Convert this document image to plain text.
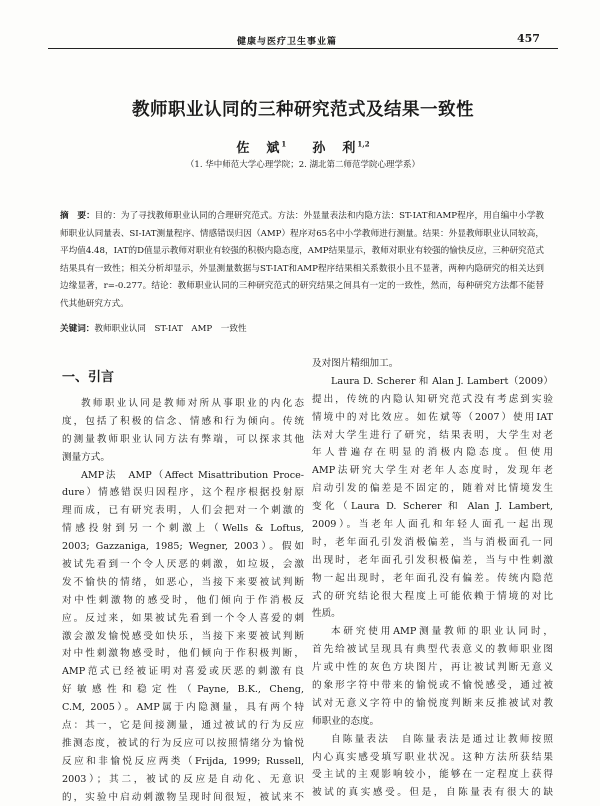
健康与医疗卫生事业篇	457
教师职业认同的三种研究范式及结果一致性
佐　斌$^1$ 孙　利$^{1,2}$
（1. 华中师范大学心理学院；2. 湖北第二师范学院心理学系）
摘　要：目的：为了寻找教师职业认同的合理研究范式。方法：外显量表法和内隐方法：ST-IAT和AMP程序，用自编中小学教师职业认同量表、SI-IAT测量程序、情感错误归因（AMP）程序对65名中小学教师进行测量。结果：外显教师职业认同较高，平均值4.48，IAT的D值显示教师对职业有较强的积极内隐态度，AMP结果显示，教师对职业有较强的愉快反应，三种研究范式结果具有一致性；相关分析却显示，外显测量数据与ST-IAT和AMP程序结果相关系数很小且不显著，两种内隐研究的相关达到边缘显著，r=-0.277。结论：教师职业认同的三种研究范式的研究结果之间具有一定的一致性，然而，每种研究方法都不能替代其他研究方式。
关键词：教师职业认同　ST-IAT　AMP　一致性
一、引言
教师职业认同是教师对所从事职业的内化态
度，包括了积极的信念、情感和行为倾向。传统
的测量教师职业认同方法有弊端，可以探求其他
测量方式。
AMP法　AMP（Affect Misattribution Proce-
dure）情感错误归因程序，这个程序根据投射原
理而成，已有研究表明，人们会把对一个刺激的
情感投射到另一个刺激上（Wells & Loftus,
2003; Gazzaniga, 1985; Wegner, 2003）。假如
被试先看到一个令人厌恶的刺激，如垃圾，会激
发不愉快的情绪，如恶心，当接下来要被试判断
对中性刺激物的感受时，他们倾向于作消极反
应。反过来，如果被试先看到一个令人喜爱的刺
激会激发愉悦感受如快乐，当接下来要被试判断
对中性刺激物感受时，他们倾向于作积极判断，
AMP范式已经被证明对喜爱或厌恶的刺激有良
好敏感性和稳定性（Payne, B.K., Cheng,
C.M, 2005）。AMP属于内隐测量，具有两个特
点：其一，它是间接测量，通过被试的行为反应
推测态度，被试的行为反应可以按照情绪分为愉悦
反应和非愉悦反应两类（Frijda, 1999; Russell,
2003）；其二，被试的反应是自动化、无意识
的，实验中启动刺激物呈现时间很短，被试来不
及对图片精细加工。
Laura D. Scherer 和 Alan J. Lambert（2009）
提出，传统的内隐认知研究范式没有考虑到实验
情境中的对比效应。如佐斌等（2007）使用IAT
法对大学生进行了研究，结果表明，大学生对老
年人普遍存在明显的消极内隐态度。但使用
AMP法研究大学生对老年人态度时，发现年老
启动引发的偏差是不固定的，随着对比情境发生
变化（Laura D. Scherer 和 Alan J. Lambert,
2009）。当老年人面孔和年轻人面孔一起出现
时，老年面孔引发消极偏差，当与消极面孔一同
出现时，老年面孔引发积极偏差，当与中性刺激
物一起出现时，老年面孔没有偏差。传统内隐范
式的研究结论很大程度上可能依赖于情境的对比
性质。
本研究使用AMP测量教师的职业认同时，
首先给被试呈现具有典型代表意义的教师职业图
片或中性的灰色方块图片，再让被试判断无意义
的象形字符中带来的愉悦或不愉悦感受，通过被
试对无意义字符中的愉悦度判断来反推被试对教
师职业的态度。
自陈量表法　自陈量表法是通过让教师按照
内心真实感受填写职业状况。这种方法所获结果
受主试的主观影响较小，能够在一定程度上获得
被试的真实感受。但是，自陈量表有很大的缺
